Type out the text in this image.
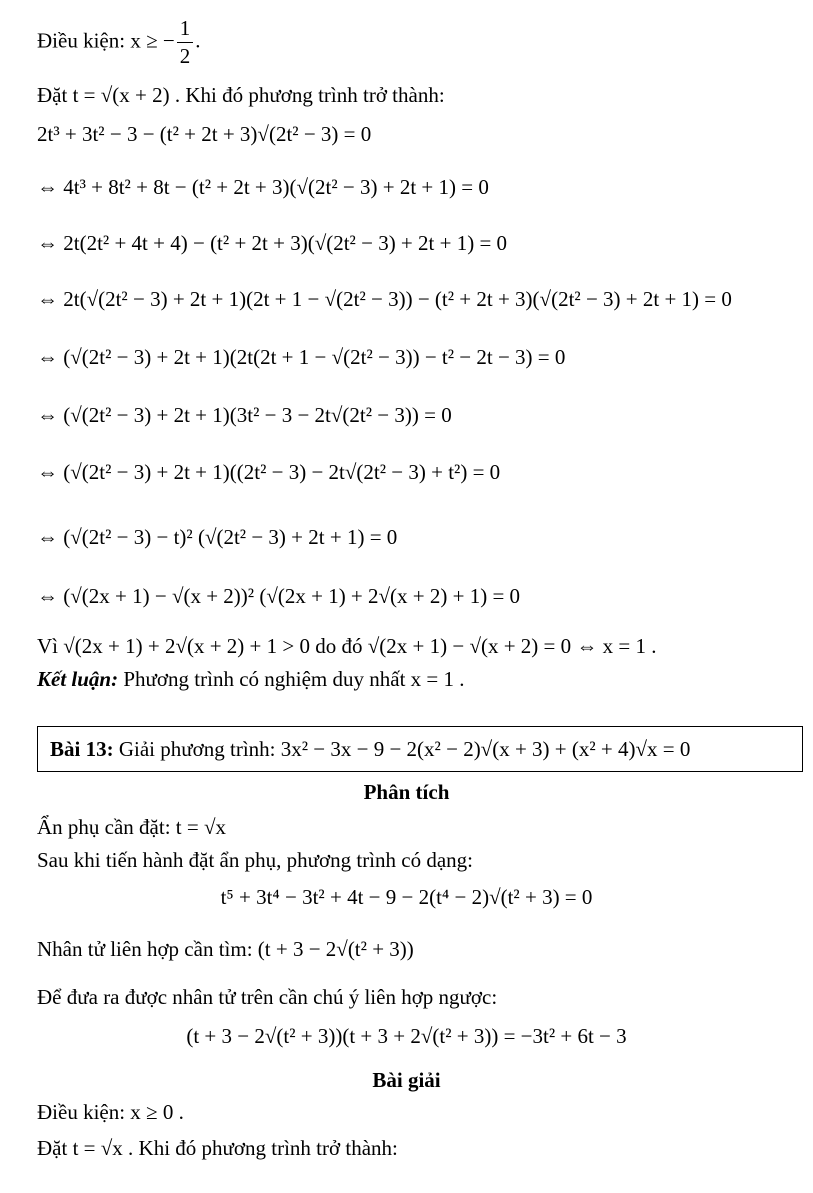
Điều kiện: x ≥ − $\frac{1}{2}$ .
Đặt t = √(x + 2) . Khi đó phương trình trở thành:
2t³ + 3t² − 3 − (t² + 2t + 3)√(2t² − 3) = 0
⇔ 4t³ + 8t² + 8t − (t² + 2t + 3)(√(2t² − 3) + 2t + 1) = 0
⇔ 2t(2t² + 4t + 4) − (t² + 2t + 3)(√(2t² − 3) + 2t + 1) = 0
⇔ 2t(√(2t² − 3) + 2t + 1)(2t + 1 − √(2t² − 3)) − (t² + 2t + 3)(√(2t² − 3) + 2t + 1) = 0
⇔ (√(2t² − 3) + 2t + 1)(2t(2t + 1 − √(2t² − 3)) − t² − 2t − 3) = 0
⇔ (√(2t² − 3) + 2t + 1)(3t² − 3 − 2t√(2t² − 3)) = 0
⇔ (√(2t² − 3) + 2t + 1)((2t² − 3) − 2t√(2t² − 3) + t²) = 0
⇔ (√(2t² − 3) − t)² (√(2t² − 3) + 2t + 1) = 0
⇔ (√(2x + 1) − √(x + 2))² (√(2x + 1) + 2√(x + 2) + 1) = 0
Vì √(2x + 1) + 2√(x + 2) + 1 > 0 do đó √(2x + 1) − √(x + 2) = 0 ⇔ x = 1 .
Kết luận: Phương trình có nghiệm duy nhất x = 1 .
Bài 13: Giải phương trình: 3x² − 3x − 9 − 2(x² − 2)√(x + 3) + (x² + 4)√x = 0
Phân tích
Ẩn phụ cần đặt: t = √x
Sau khi tiến hành đặt ẩn phụ, phương trình có dạng:
t⁵ + 3t⁴ − 3t² + 4t − 9 − 2(t⁴ − 2)√(t² + 3) = 0
Nhân tử liên hợp cần tìm: (t + 3 − 2√(t² + 3))
Để đưa ra được nhân tử trên cần chú ý liên hợp ngược:
(t + 3 − 2√(t² + 3))(t + 3 + 2√(t² + 3)) = −3t² + 6t − 3
Bài giải
Điều kiện: x ≥ 0 .
Đặt t = √x . Khi đó phương trình trở thành:
